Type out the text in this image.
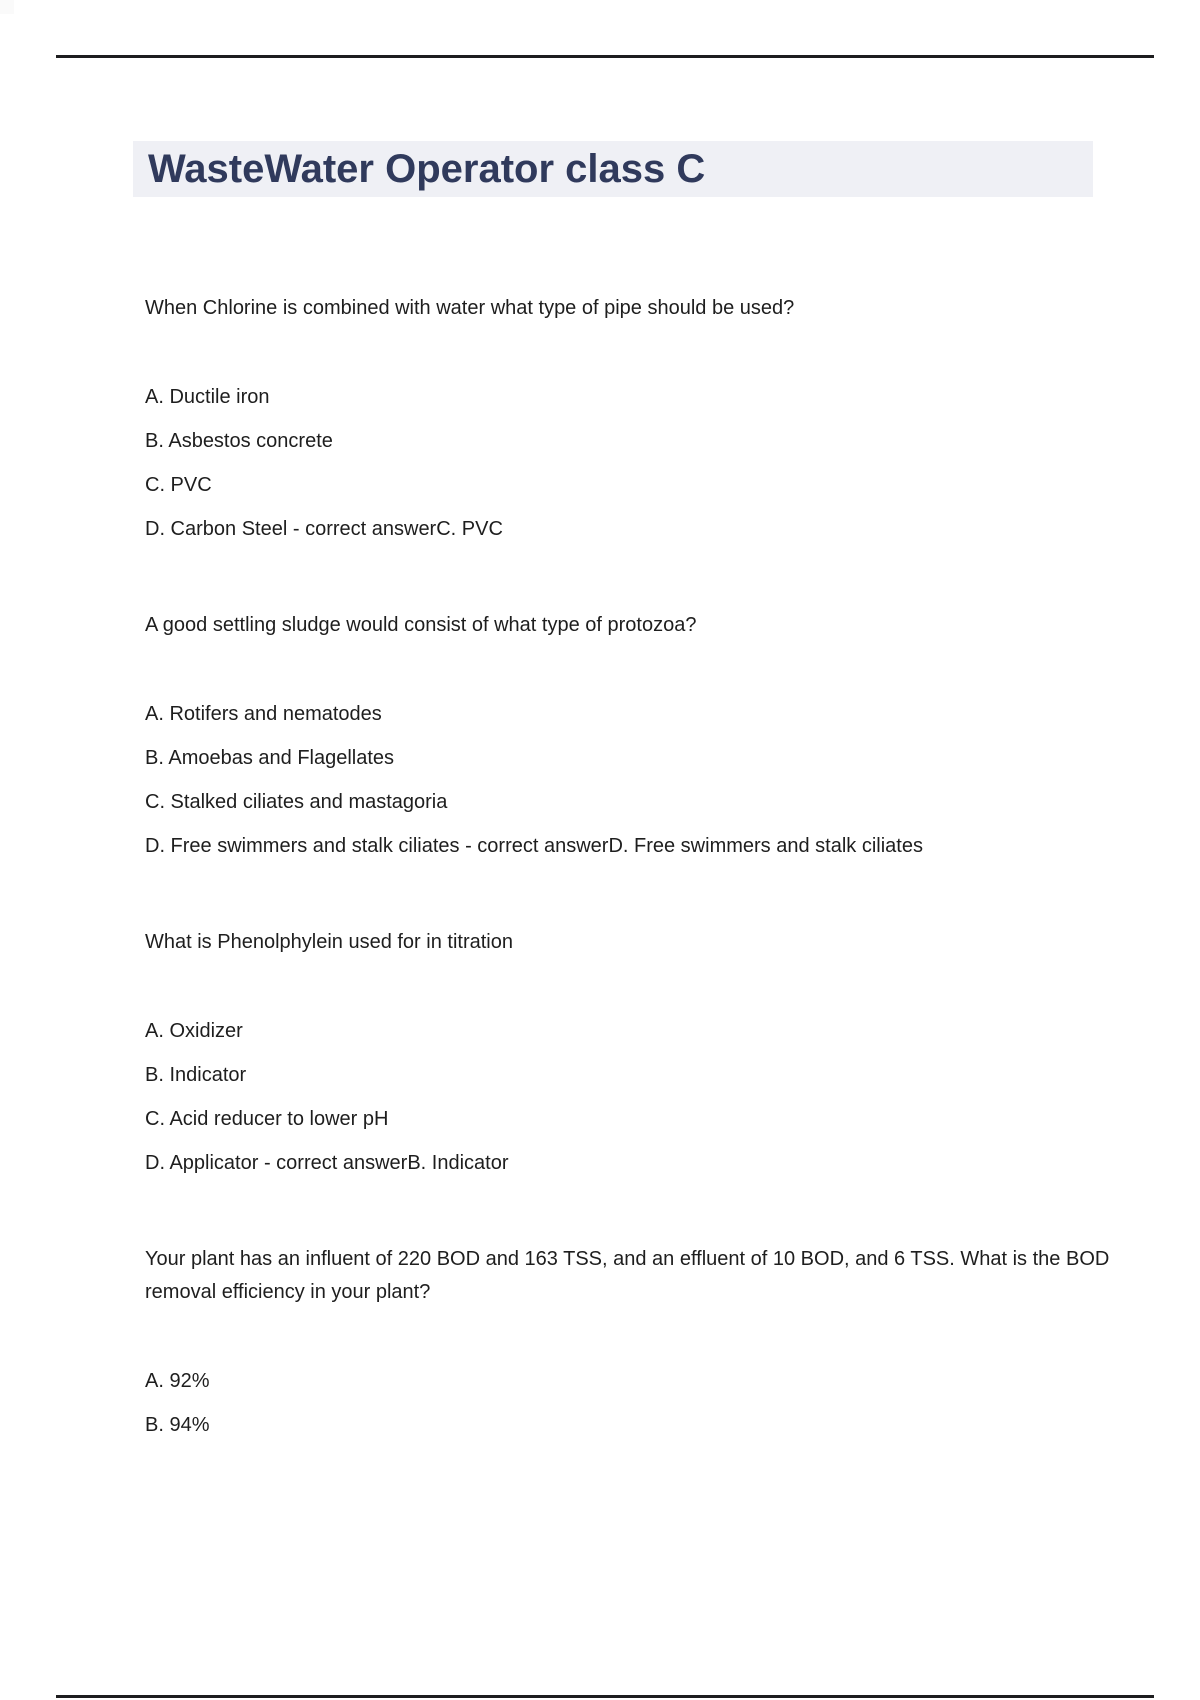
WasteWater Operator class C

When Chlorine is combined with water what type of pipe should be used?

A. Ductile iron

B. Asbestos concrete

C. PVC

D. Carbon Steel - correct answerC. PVC

A good settling sludge would consist of what type of protozoa?

A. Rotifers and nematodes

B. Amoebas and Flagellates

C. Stalked ciliates and mastagoria

D. Free swimmers and stalk ciliates - correct answerD. Free swimmers and stalk ciliates

What is Phenolphylein used for in titration

A. Oxidizer

B. Indicator

C. Acid reducer to lower pH

D. Applicator - correct answerB. Indicator

Your plant has an influent of 220 BOD and 163 TSS, and an effluent of 10 BOD, and 6 TSS. What is the BOD removal efficiency in your plant?

A. 92%

B. 94%
